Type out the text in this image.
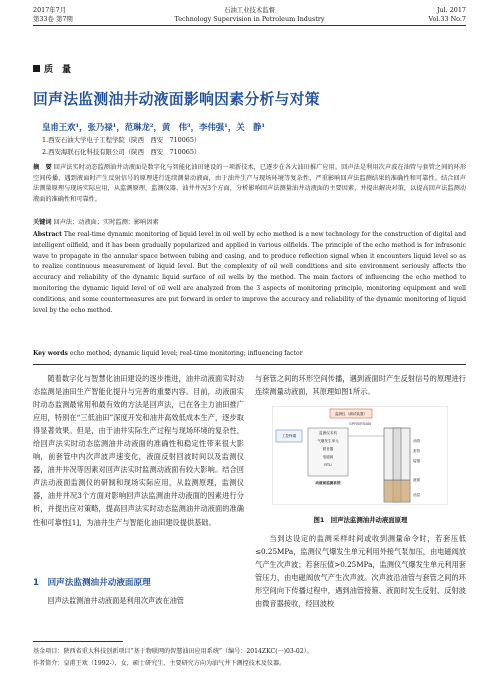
2017年7月
第33卷 第7期
石油工业技术监督
Technology Supervision in Petroleum Industry
Jul. 2017
Vol.33 No.7
质　量
回声法监测油井动液面影响因素分析与对策
皇甫王欢¹，张乃禄¹，范琳龙²，黄　伟³，李伟强¹，关　静¹
1.西安石油大学电子工程学院（陕西　西安　710065）
2.西安海联石化科技有限公司（陕西　西安　710065）
摘　要 回声法实时动态监测油井动液面是数字化与智能化油田建设的一项新技术，已逐步在各大油田推广应用。回声法是利用次声波在油管与套管之间的环形空间传播，遇到液面时产生反射信号的原理进行连续测量动液面，由于油井生产与现场环境等复杂性，严重影响回声法监测结果的准确性和可靠性。结合回声法测量原理与现场实际应用，从监测原理、监测仪器、油井井况3个方面，分析影响回声法测量油井动液面的主要因素，并提出解决对策，以提高回声法监测动液面的准确性和可靠性。
关键词 回声法；动液面；实时监测；影响因素
Abstract The real-time dynamic monitoring of liquid level in oil well by echo method is a new technology for the construction of digital and intelligent oilfield, and it has been gradually popularized and applied in various oilfields. The principle of the echo method is for infrasonic wave to propagate in the annular space between tubing and casing, and to produce reflection signal when it encounters liquid level so as to realize continuous measurement of liquid level. But the complexity of oil well conditions and site environment seriously affects the accuracy and reliability of the dynamic liquid surface of oil wells by the method. The main factors of influencing the echo method to monitoring the dynamic liquid level of oil well are analyzed from the 3 aspects of monitoring principle, monitoring equipment and well conditions, and some countermeasures are put forward in order to improve the accuracy and reliability of the dynamic monitoring of liquid level by the echo method.
Key words echo method; dynamic liquid level; real-time monitoring; influencing factor

随着数字化与智慧化油田建设的逐步推进，油井动液面实时动态监测是油田生产智能化提升与完善的重要内容。目前，动液面实时动态监测最常用和最有效的方法是回声法，已在各主力油田推广应用，特别在“三低油田”深度开发和油井高效低成本生产，逐步取得显著效果。但是，由于油井实际生产过程与现场环境的复杂性，给回声法实时动态监测油井动液面的准确性和稳定性带来很大影响，前套管中内次声波声速变化，液面反射回波时间以及监测仪器，油井井况等因素对回声法实时监测动液面有较大影响。结合回声法动液面监测仪的研制和现场实际应用，从监测原理，监测仪器，油井井况3个方面对影响回声法监测油井动液面的因素进行分析，并提出应对策略，提高回声法实时动态监测油井动液面的准确性和可靠性[1]，为油井生产与智能化油田建设提供基础。

1　回声法监测油井动液面原理
回声法监测油井动液面是利用次声波在油管
与套管之间的环形空间传播，遇到液面时产生反射信号的原理进行连续测量动液面，其原理如图1所示。
监测仪（测试装置）
GPRS/RS485
工控终端
监测仪本机
气爆发生单元
微音器
电磁阀
RTU
动液面监测系统
油管
套管
接箍
液面
油层
图1　回声法监测油井动液面原理
当到达设定的监测采样时间或收到测量命令时，若套压低≤0.25MPa，监测仪气爆发生单元利用外接气泵加压，由电磁阀放气产生次声波；若套压值>0.25MPa，监测仪气爆发生单元利用套管压力，由电磁阀放气产生次声波。次声波沿油管与套管之间的环形空间向下传播过程中，遇到油管接箍、液面时发生反射，反射波由微音器接收，经回波校
基金项目：陕西省重大科技创新项目“基于物联网的智慧油田应用系统”（编号：2014ZKC(一)03-02）。
作者简介：皇甫王欢（1992-），女，硕士研究生，主要研究方向为油气井下测控技术及仪器。
